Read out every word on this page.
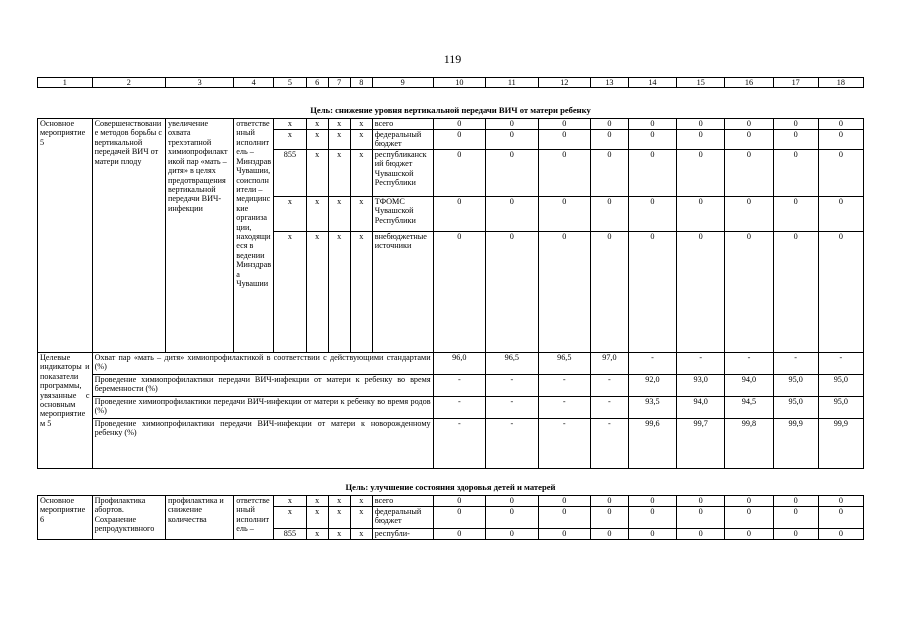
119
1	2	3	4	5	6	7	8	9	10	11	12	13	14	15	16	17	18
Цель: снижение уровня вертикальной передачи ВИЧ от матери ребенку																	
Основное мероприятие 5	Совершенствование методов борьбы с вертикальной передачей ВИЧ от матери плоду	увеличение охвата трехэтапной химиопрофилактикой пар «мать – дитя» в целях предотвращения вертикальной передачи ВИЧ-инфекции	ответственный исполнитель – Минздрав Чувашии, соисполнители – медицинские организации, находящиеся в ведении Минздрава Чувашии	x	x	x	x	всего	0	0	0	0	0	0	0	0	0
				x	x	x	x	федеральный бюджет	0	0	0	0	0	0	0	0	0
				855	x	x	x	республиканский бюджет Чувашской Республики	0	0	0	0	0	0	0	0	0
				x	x	x	x	ТФОМС Чувашской Республики	0	0	0	0	0	0	0	0	0
				x	x	x	x	внебюджетные источники	0	0	0	0	0	0	0	0	0
Целевые индикаторы и показатели программы, увязанные с основным мероприятием 5	Охват пар «мать – дитя» химиопрофилактикой в соответствии с действующими стандартами (%)								96,0	96,5	96,5	97,0	-	-	-	-	-
	Проведение химиопрофилактики передачи ВИЧ-инфекции от матери к ребенку во время беременности (%)								-	-	-	-	92,0	93,0	94,0	95,0	95,0
	Проведение химиопрофилактики передачи ВИЧ-инфекции от матери к ребенку во время родов (%)								-	-	-	-	93,5	94,0	94,5	95,0	95,0
	Проведение химиопрофилактики передачи ВИЧ-инфекции от матери к новорожденному ребенку (%)								-	-	-	-	99,6	99,7	99,8	99,9	99,9
Цель: улучшение состояния здоровья детей и матерей																	
Основное мероприятие 6	Профилактика абортов. Сохранение репродуктивного	профилактика и снижение количества	ответственный исполнитель –	x	x	x	x	всего	0	0	0	0	0	0	0	0	0
				x	x	x	x	федеральный бюджет	0	0	0	0	0	0	0	0	0
				855	x	x	x	республи-	0	0	0	0	0	0	0	0	0
